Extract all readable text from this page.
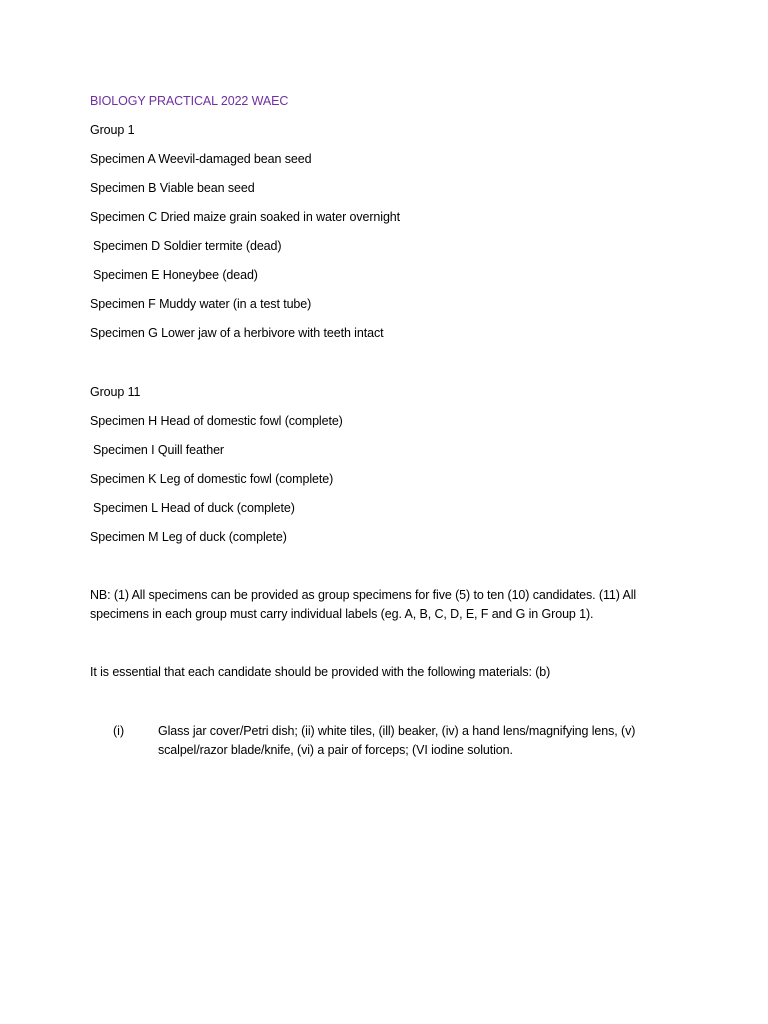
BIOLOGY PRACTICAL 2022 WAEC
Group 1
Specimen A Weevil-damaged bean seed
Specimen B Viable bean seed
Specimen C Dried maize grain soaked in water overnight
Specimen D Soldier termite (dead)
Specimen E Honeybee (dead)
Specimen F Muddy water (in a test tube)
Specimen G Lower jaw of a herbivore with teeth intact
Group 11
Specimen H Head of domestic fowl (complete)
Specimen I Quill feather
Specimen K Leg of domestic fowl (complete)
Specimen L Head of duck (complete)
Specimen M Leg of duck (complete)
NB: (1) All specimens can be provided as group specimens for five (5) to ten (10) candidates. (11) All specimens in each group must carry individual labels (eg. A, B, C, D, E, F and G in Group 1).
It is essential that each candidate should be provided with the following materials: (b)
(i)	Glass jar cover/Petri dish; (ii) white tiles, (ill) beaker, (iv) a hand lens/magnifying lens, (v) scalpel/razor blade/knife, (vi) a pair of forceps; (VI iodine solution.
